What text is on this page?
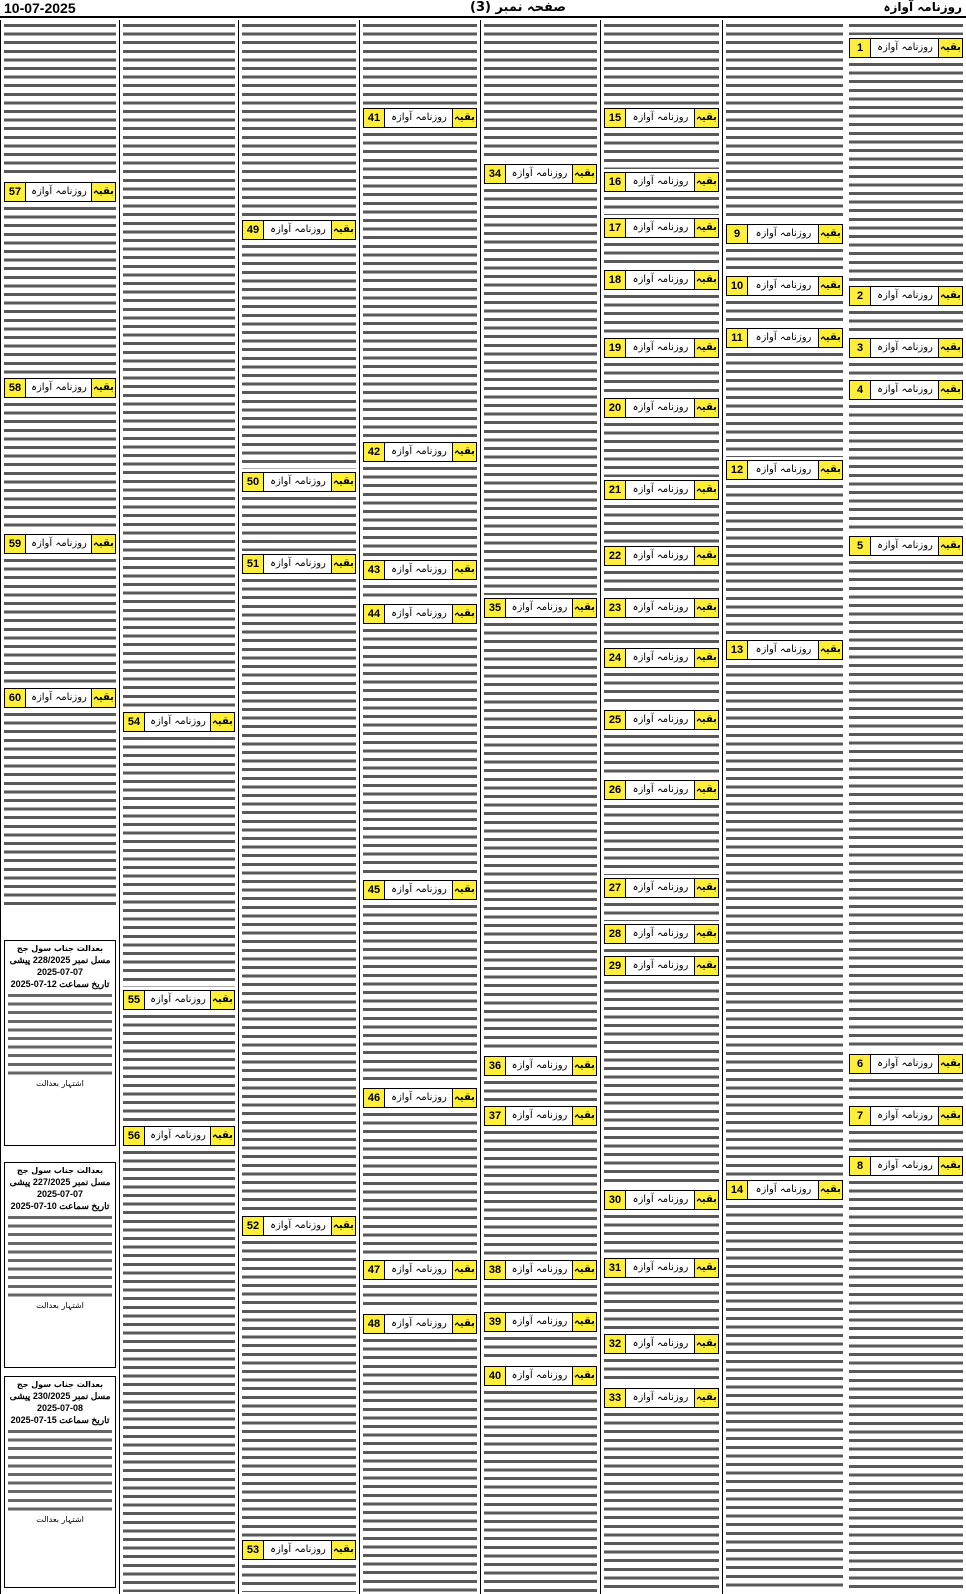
10-07-2025	صفحہ نمبر (3)	روزنامہ آوازہ
1	روزنامہ آوازہ بقیہ
2	روزنامہ آوازہ بقیہ
3	روزنامہ آوازہ بقیہ
4	روزنامہ آوازہ بقیہ
5	روزنامہ آوازہ بقیہ
6	روزنامہ آوازہ بقیہ
7	روزنامہ آوازہ بقیہ
8	روزنامہ آوازہ بقیہ
9	روزنامہ آوازہ بقیہ
10	روزنامہ آوازہ بقیہ
11	روزنامہ آوازہ بقیہ
12	روزنامہ آوازہ بقیہ
13	روزنامہ آوازہ بقیہ
14	روزنامہ آوازہ بقیہ
15	روزنامہ آوازہ بقیہ
16	روزنامہ آوازہ بقیہ
17	روزنامہ آوازہ بقیہ
18	روزنامہ آوازہ بقیہ
19	روزنامہ آوازہ بقیہ
20	روزنامہ آوازہ بقیہ
21	روزنامہ آوازہ بقیہ
22	روزنامہ آوازہ بقیہ
23	روزنامہ آوازہ بقیہ
24	روزنامہ آوازہ بقیہ
25	روزنامہ آوازہ بقیہ
26	روزنامہ آوازہ بقیہ
27	روزنامہ آوازہ بقیہ
28	روزنامہ آوازہ بقیہ
29	روزنامہ آوازہ بقیہ
30	روزنامہ آوازہ بقیہ
31	روزنامہ آوازہ بقیہ
32	روزنامہ آوازہ بقیہ
33	روزنامہ آوازہ بقیہ
34	روزنامہ آوازہ بقیہ
35	روزنامہ آوازہ بقیہ
36	روزنامہ آوازہ بقیہ
37	روزنامہ آوازہ بقیہ
38	روزنامہ آوازہ بقیہ
39	روزنامہ آوازہ بقیہ
40	روزنامہ آوازہ بقیہ
41	روزنامہ آوازہ بقیہ
42	روزنامہ آوازہ بقیہ
43	روزنامہ آوازہ بقیہ
44	روزنامہ آوازہ بقیہ
45	روزنامہ آوازہ بقیہ
46	روزنامہ آوازہ بقیہ
47	روزنامہ آوازہ بقیہ
48	روزنامہ آوازہ بقیہ
49	روزنامہ آوازہ بقیہ
50	روزنامہ آوازہ بقیہ
51	روزنامہ آوازہ بقیہ
52	روزنامہ آوازہ بقیہ
53	روزنامہ آوازہ بقیہ
54 روزنامہ آوازہ بقیہ
55 روزنامہ آوازہ بقیہ
56 روزنامہ آوازہ بقیہ
57 روزنامہ آوازہ بقیہ
58 روزنامہ آوازہ بقیہ
59 روزنامہ آوازہ بقیہ
60 روزنامہ آوازہ بقیہ
بعدالت جناب سول جج
مسل نمبر 228/2025 پیشی 07-07-2025
تاریخ سماعت 12-07-2025
اشتہار بعدالت
بعدالت جناب سول جج
مسل نمبر 227/2025 پیشی 07-07-2025
تاریخ سماعت 10-07-2025
اشتہار بعدالت
بعدالت جناب سول جج
مسل نمبر 230/2025 پیشی 08-07-2025
تاریخ سماعت 15-07-2025
اشتہار بعدالت
